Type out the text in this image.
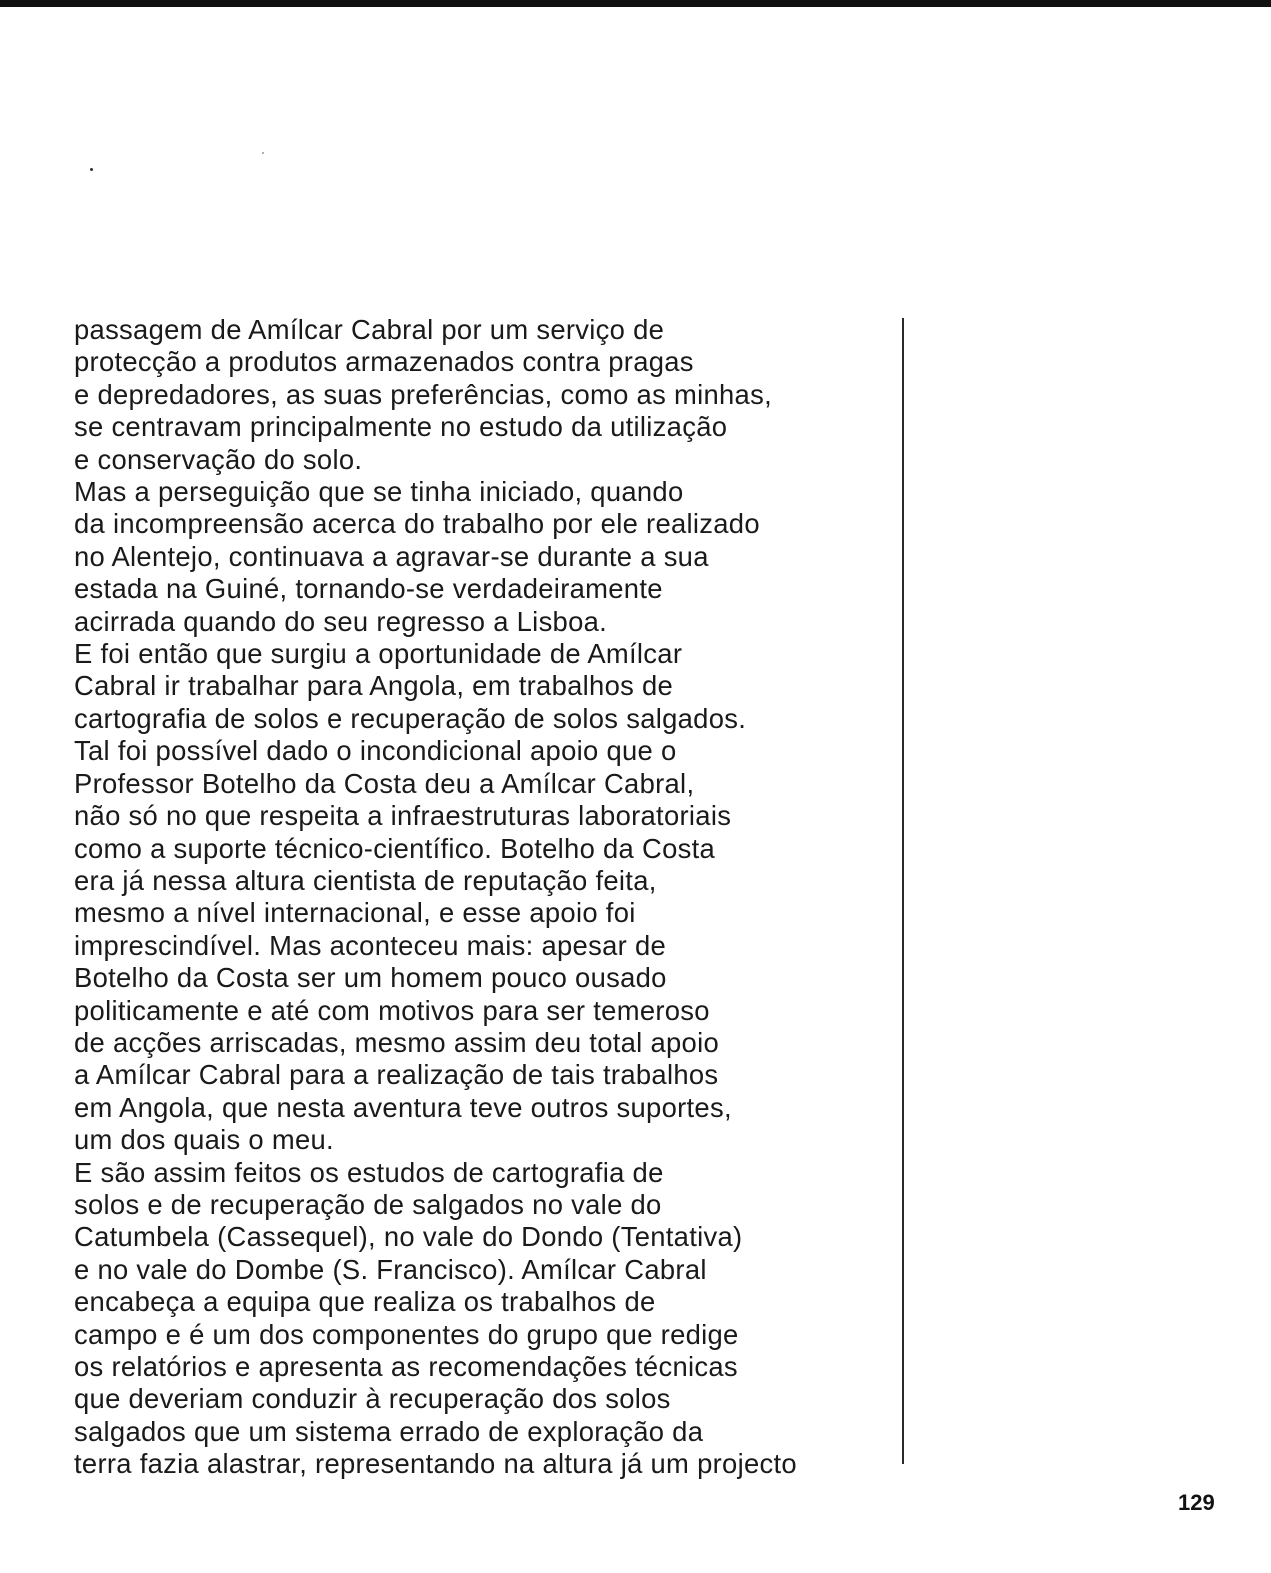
passagem de Amílcar Cabral por um serviço de
protecção a produtos armazenados contra pragas
e depredadores, as suas preferências, como as minhas,
se centravam principalmente no estudo da utilização
e conservação do solo.
Mas a perseguição que se tinha iniciado, quando
da incompreensão acerca do trabalho por ele realizado
no Alentejo, continuava a agravar-se durante a sua
estada na Guiné, tornando-se verdadeiramente
acirrada quando do seu regresso a Lisboa.
E foi então que surgiu a oportunidade de Amílcar
Cabral ir trabalhar para Angola, em trabalhos de
cartografia de solos e recuperação de solos salgados.
Tal foi possível dado o incondicional apoio que o
Professor Botelho da Costa deu a Amílcar Cabral,
não só no que respeita a infraestruturas laboratoriais
como a suporte técnico-científico. Botelho da Costa
era já nessa altura cientista de reputação feita,
mesmo a nível internacional, e esse apoio foi
imprescindível. Mas aconteceu mais: apesar de
Botelho da Costa ser um homem pouco ousado
politicamente e até com motivos para ser temeroso
de acções arriscadas, mesmo assim deu total apoio
a Amílcar Cabral para a realização de tais trabalhos
em Angola, que nesta aventura teve outros suportes,
um dos quais o meu.
E são assim feitos os estudos de cartografia de
solos e de recuperação de salgados no vale do
Catumbela (Cassequel), no vale do Dondo (Tentativa)
e no vale do Dombe (S. Francisco). Amílcar Cabral
encabeça a equipa que realiza os trabalhos de
campo e é um dos componentes do grupo que redige
os relatórios e apresenta as recomendações técnicas
que deveriam conduzir à recuperação dos solos
salgados que um sistema errado de exploração da
terra fazia alastrar, representando na altura já um projecto
129
